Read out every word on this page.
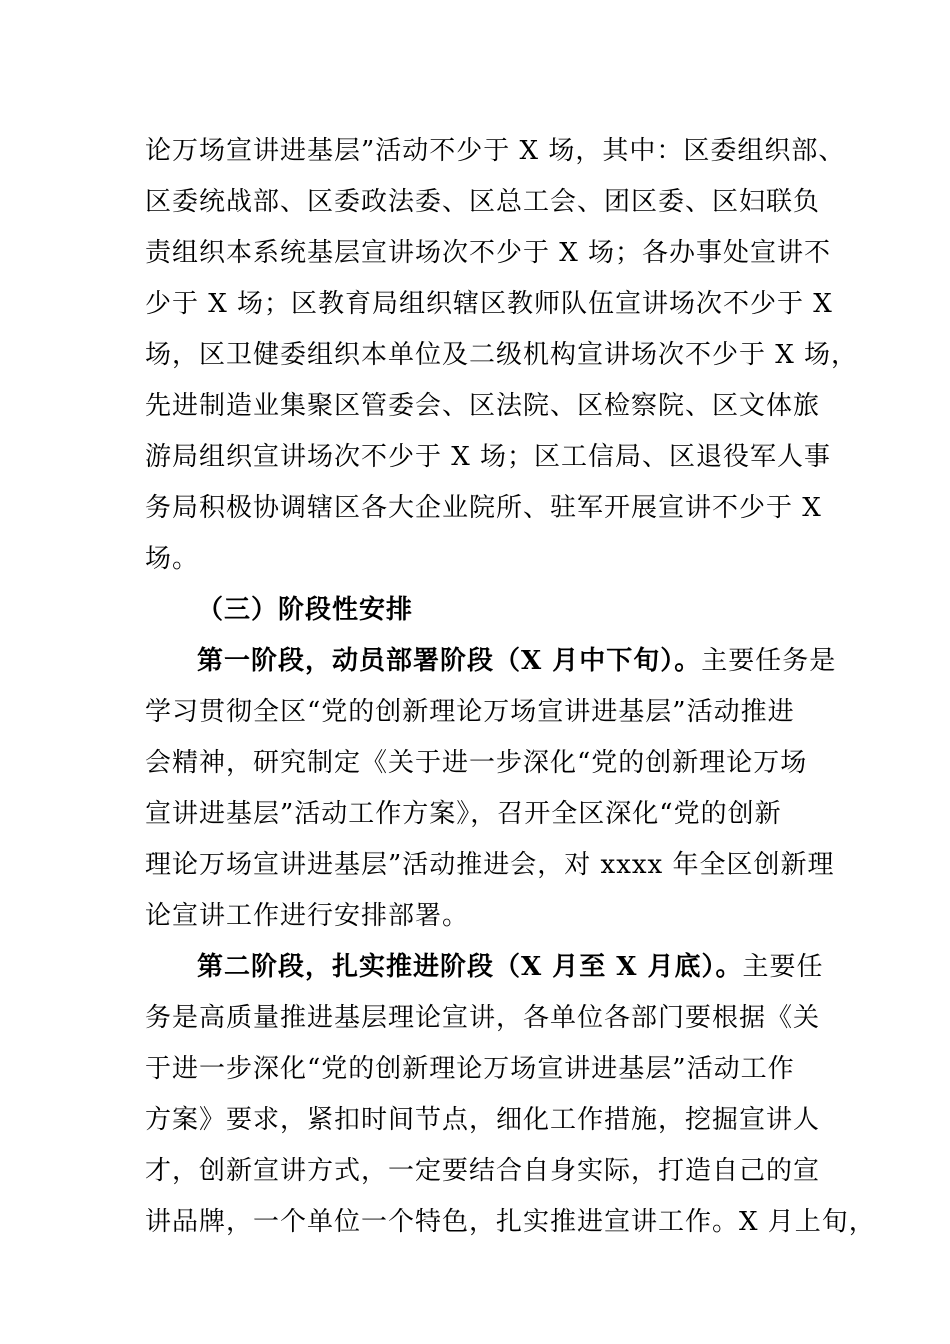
论万场宣讲进基层”活动不少于 X 场，其中：区委组织部、
区委统战部、区委政法委、区总工会、团区委、区妇联负
责组织本系统基层宣讲场次不少于 X 场；各办事处宣讲不
少于 X 场；区教育局组织辖区教师队伍宣讲场次不少于 X
场，区卫健委组织本单位及二级机构宣讲场次不少于 X 场，
先进制造业集聚区管委会、区法院、区检察院、区文体旅
游局组织宣讲场次不少于 X 场；区工信局、区退役军人事
务局积极协调辖区各大企业院所、驻军开展宣讲不少于 X
场。
（三）阶段性安排
第一阶段，动员部署阶段（X 月中下旬）。主要任务是
学习贯彻全区“党的创新理论万场宣讲进基层”活动推进
会精神，研究制定《关于进一步深化“党的创新理论万场
宣讲进基层”活动工作方案》，召开全区深化“党的创新
理论万场宣讲进基层”活动推进会，对 xxxx 年全区创新理
论宣讲工作进行安排部署。
第二阶段，扎实推进阶段（X 月至 X 月底）。主要任
务是高质量推进基层理论宣讲，各单位各部门要根据《关
于进一步深化“党的创新理论万场宣讲进基层”活动工作
方案》要求，紧扣时间节点，细化工作措施，挖掘宣讲人
才，创新宣讲方式，一定要结合自身实际，打造自己的宣
讲品牌，一个单位一个特色，扎实推进宣讲工作。X 月上旬，
